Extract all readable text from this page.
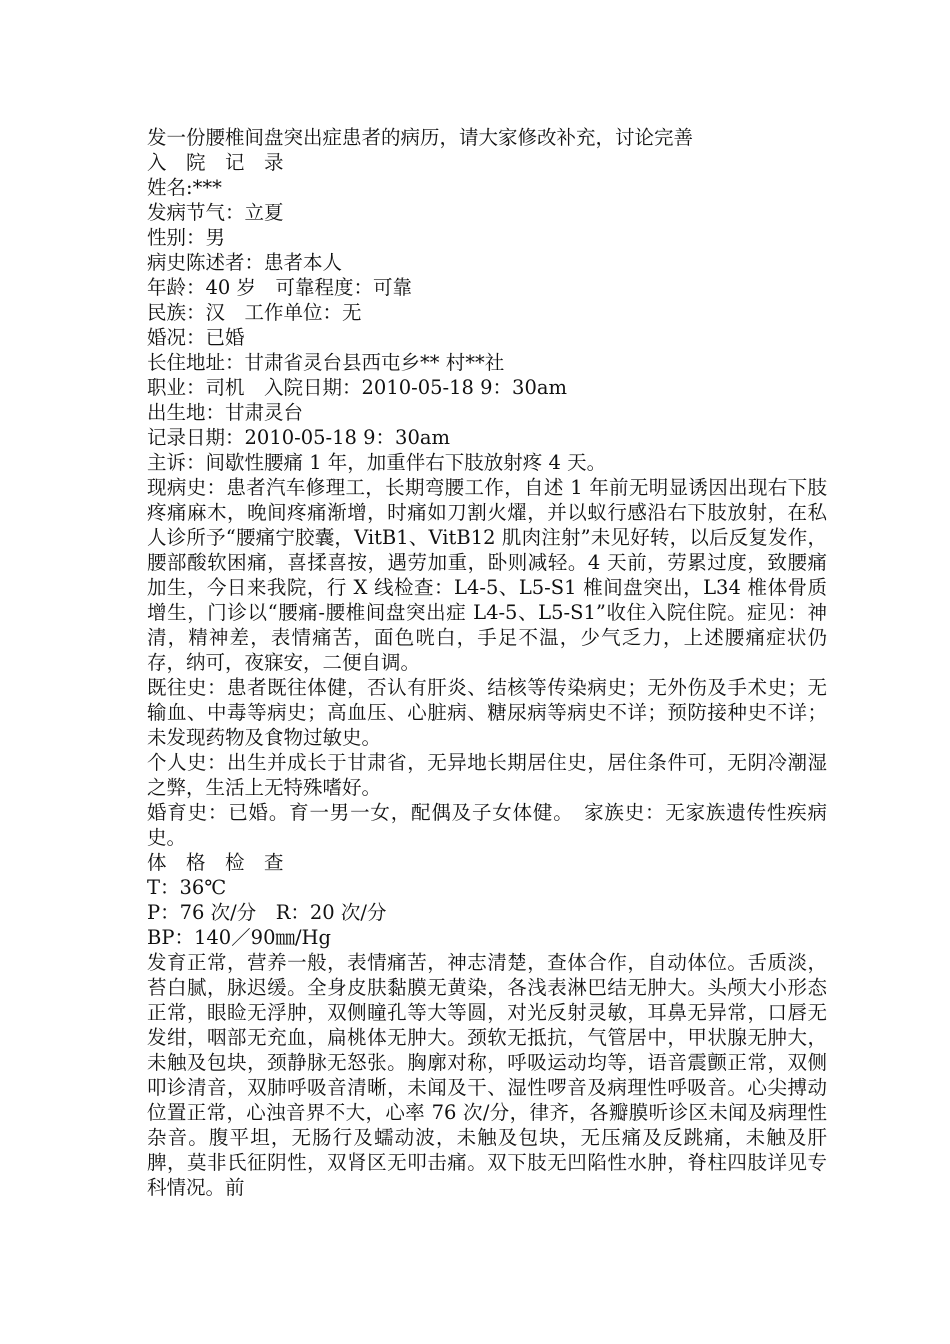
发一份腰椎间盘突出症患者的病历，请大家修改补充，讨论完善
入　院　记　录
姓名:***
发病节气：立夏
性别：男
病史陈述者：患者本人
年龄：40 岁　可靠程度：可靠
民族：汉　工作单位：无
婚况：已婚
长住地址：甘肃省灵台县西屯乡** 村**社
职业：司机　入院日期：2010-05-18 9：30am
出生地：甘肃灵台
记录日期：2010-05-18 9：30am
主诉：间歇性腰痛 1 年，加重伴右下肢放射疼 4 天。
现病史：患者汽车修理工，长期弯腰工作，自述 1 年前无明显诱因出现右下肢疼痛麻木，晚间疼痛渐增，时痛如刀割火燿，并以蚁行感沿右下肢放射，在私人诊所予“腰痛宁胶囊，VitB1、VitB12 肌肉注射”未见好转，以后反复发作，腰部酸软困痛，喜揉喜按，遇劳加重，卧则减轻。4 天前，劳累过度，致腰痛加生，今日来我院，行 X 线检查：L4-5、L5-S1 椎间盘突出，L34 椎体骨质增生，门诊以“腰痛-腰椎间盘突出症 L4-5、L5-S1”收住入院住院。症见：神清，精神差，表情痛苦，面色咣白，手足不温，少气乏力，上述腰痛症状仍存，纳可，夜寐安，二便自调。
既往史：患者既往体健，否认有肝炎、结核等传染病史；无外伤及手术史；无输血、中毒等病史；高血压、心脏病、糖尿病等病史不详；预防接种史不详；未发现药物及食物过敏史。
个人史：出生并成长于甘肃省，无异地长期居住史，居住条件可，无阴冷潮湿之弊，生活上无特殊嗜好。
婚育史：已婚。育一男一女，配偶及子女体健。　家族史：无家族遗传性疾病史。
体　格　检　查
T：36℃
P：76 次/分　R：20 次/分
BP：140／90㎜/Hg
发育正常，营养一般，表情痛苦，神志清楚，查体合作，自动体位。舌质淡，苔白腻，脉迟缓。全身皮肤黏膜无黄染，各浅表淋巴结无肿大。头颅大小形态正常，眼睑无浮肿，双侧瞳孔等大等圆，对光反射灵敏，耳鼻无异常，口唇无发绀，咽部无充血，扁桃体无肿大。颈软无抵抗，气管居中，甲状腺无肿大，未触及包块，颈静脉无怒张。胸廓对称，呼吸运动均等，语音震颤正常，双侧叩诊清音，双肺呼吸音清晰，未闻及干、湿性啰音及病理性呼吸音。心尖搏动位置正常，心浊音界不大，心率 76 次/分，律齐，各瓣膜听诊区未闻及病理性杂音。腹平坦，无肠行及蠕动波，未触及包块，无压痛及反跳痛，未触及肝脾，莫非氏征阴性，双肾区无叩击痛。双下肢无凹陷性水肿，脊柱四肢详见专科情况。前
